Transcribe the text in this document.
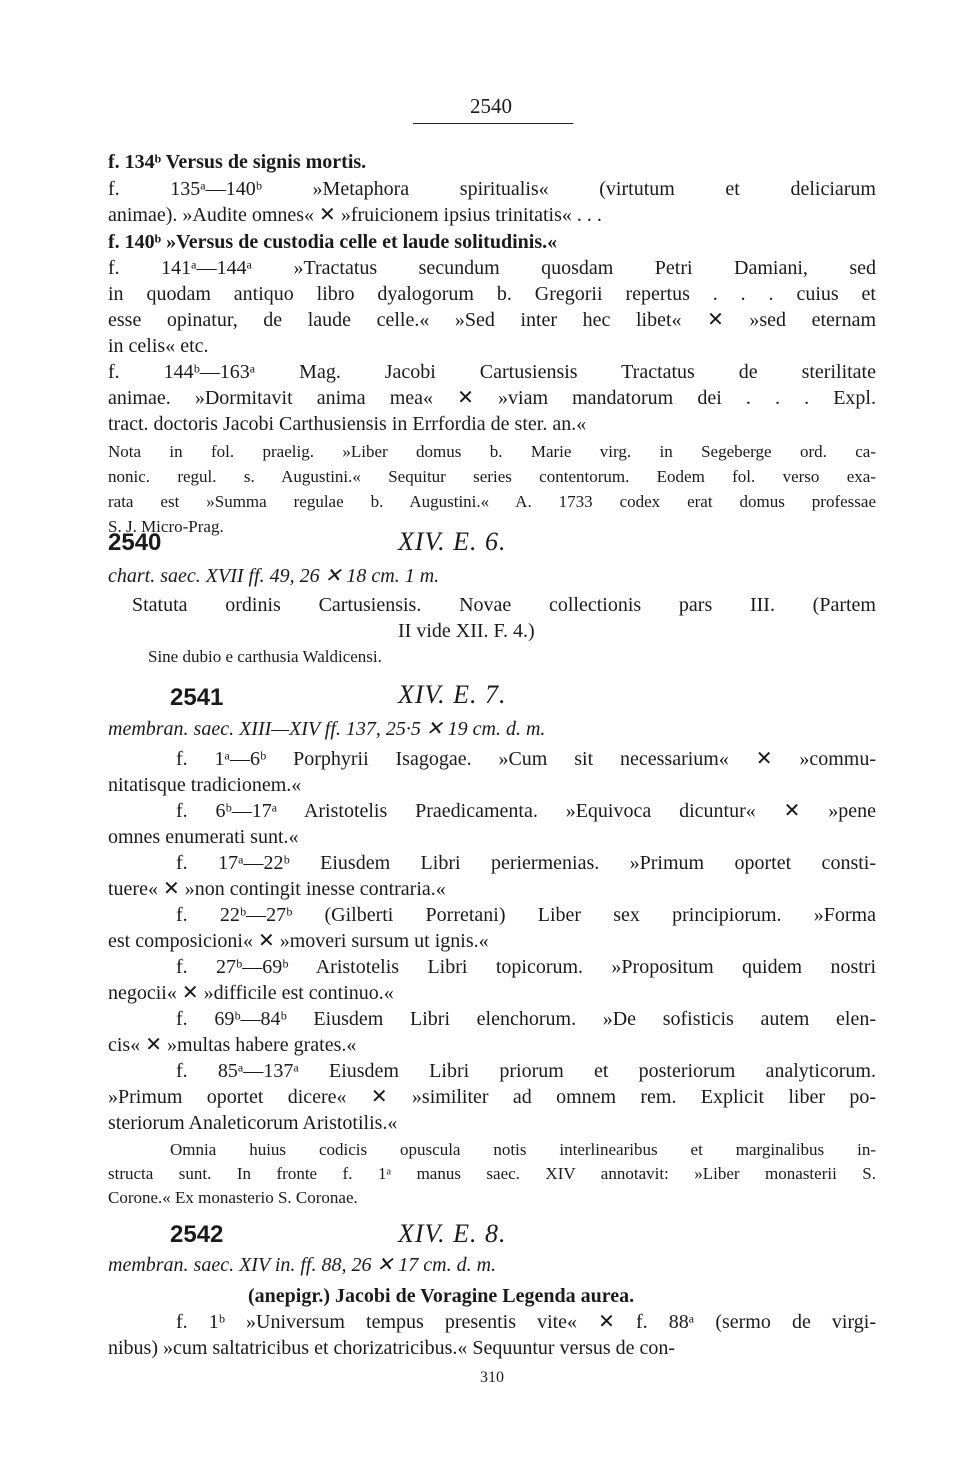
2540
f. 134ᵇ Versus de signis mortis.
f. 135ᵃ—140ᵇ »Metaphora spiritualis« (virtutum et deliciarum
animae). »Audite omnes« ✕ »fruicionem ipsius trinitatis« . . .
f. 140ᵇ »Versus de custodia celle et laude solitudinis.«
f. 141ᵃ—144ᵃ »Tractatus secundum quosdam Petri Damiani, sed
in quodam antiquo libro dyalogorum b. Gregorii repertus . . . cuius et
esse opinatur, de laude celle.« »Sed inter hec libet« ✕ »sed eternam
in celis« etc.
f. 144ᵇ—163ᵃ Mag. Jacobi Cartusiensis Tractatus de sterilitate
animae. »Dormitavit anima mea« ✕ »viam mandatorum dei . . . Expl.
tract. doctoris Jacobi Carthusiensis in Errfordia de ster. an.«
Nota in fol. praelig. »Liber domus b. Marie virg. in Segeberge ord. ca-
nonic. regul. s. Augustini.« Sequitur series contentorum. Eodem fol. verso exa-
rata est »Summa regulae b. Augustini.« A. 1733 codex erat domus professae
S. J. Micro-Prag.
2540	XIV. E. 6.
chart. saec. XVII ff. 49, 26 ✕ 18 cm. 1 m.
Statuta ordinis Cartusiensis. Novae collectionis pars III. (Partem
II vide XII. F. 4.)
Sine dubio e carthusia Waldicensi.
2541	XIV. E. 7.
membran. saec. XIII—XIV ff. 137, 25·5 ✕ 19 cm. d. m.
f. 1ᵃ—6ᵇ Porphyrii Isagogae. »Cum sit necessarium« ✕ »commu-
nitatisque tradicionem.«
f. 6ᵇ—17ᵃ Aristotelis Praedicamenta. »Equivoca dicuntur« ✕ »pene
omnes enumerati sunt.«
f. 17ᵃ—22ᵇ Eiusdem Libri periermenias. »Primum oportet consti-
tuere« ✕ »non contingit inesse contraria.«
f. 22ᵇ—27ᵇ (Gilberti Porretani) Liber sex principiorum. »Forma
est composicioni« ✕ »moveri sursum ut ignis.«
f. 27ᵇ—69ᵇ Aristotelis Libri topicorum. »Propositum quidem nostri
negocii« ✕ »difficile est continuo.«
f. 69ᵇ—84ᵇ Eiusdem Libri elenchorum. »De sofisticis autem elen-
cis« ✕ »multas habere grates.«
f. 85ᵃ—137ᵃ Eiusdem Libri priorum et posteriorum analyticorum.
»Primum oportet dicere« ✕ »similiter ad omnem rem. Explicit liber po-
steriorum Analeticorum Aristotilis.«
Omnia huius codicis opuscula notis interlinearibus et marginalibus in-
structa sunt. In fronte f. 1ᵃ manus saec. XIV annotavit: »Liber monasterii S.
Corone.« Ex monasterio S. Coronae.
2542	XIV. E. 8.
membran. saec. XIV in. ff. 88, 26 ✕ 17 cm. d. m.
(anepigr.) Jacobi de Voragine Legenda aurea.
f. 1ᵇ »Universum tempus presentis vite« ✕ f. 88ᵃ (sermo de virgi-
nibus) »cum saltatricibus et chorizatricibus.« Sequuntur versus de con-
310
